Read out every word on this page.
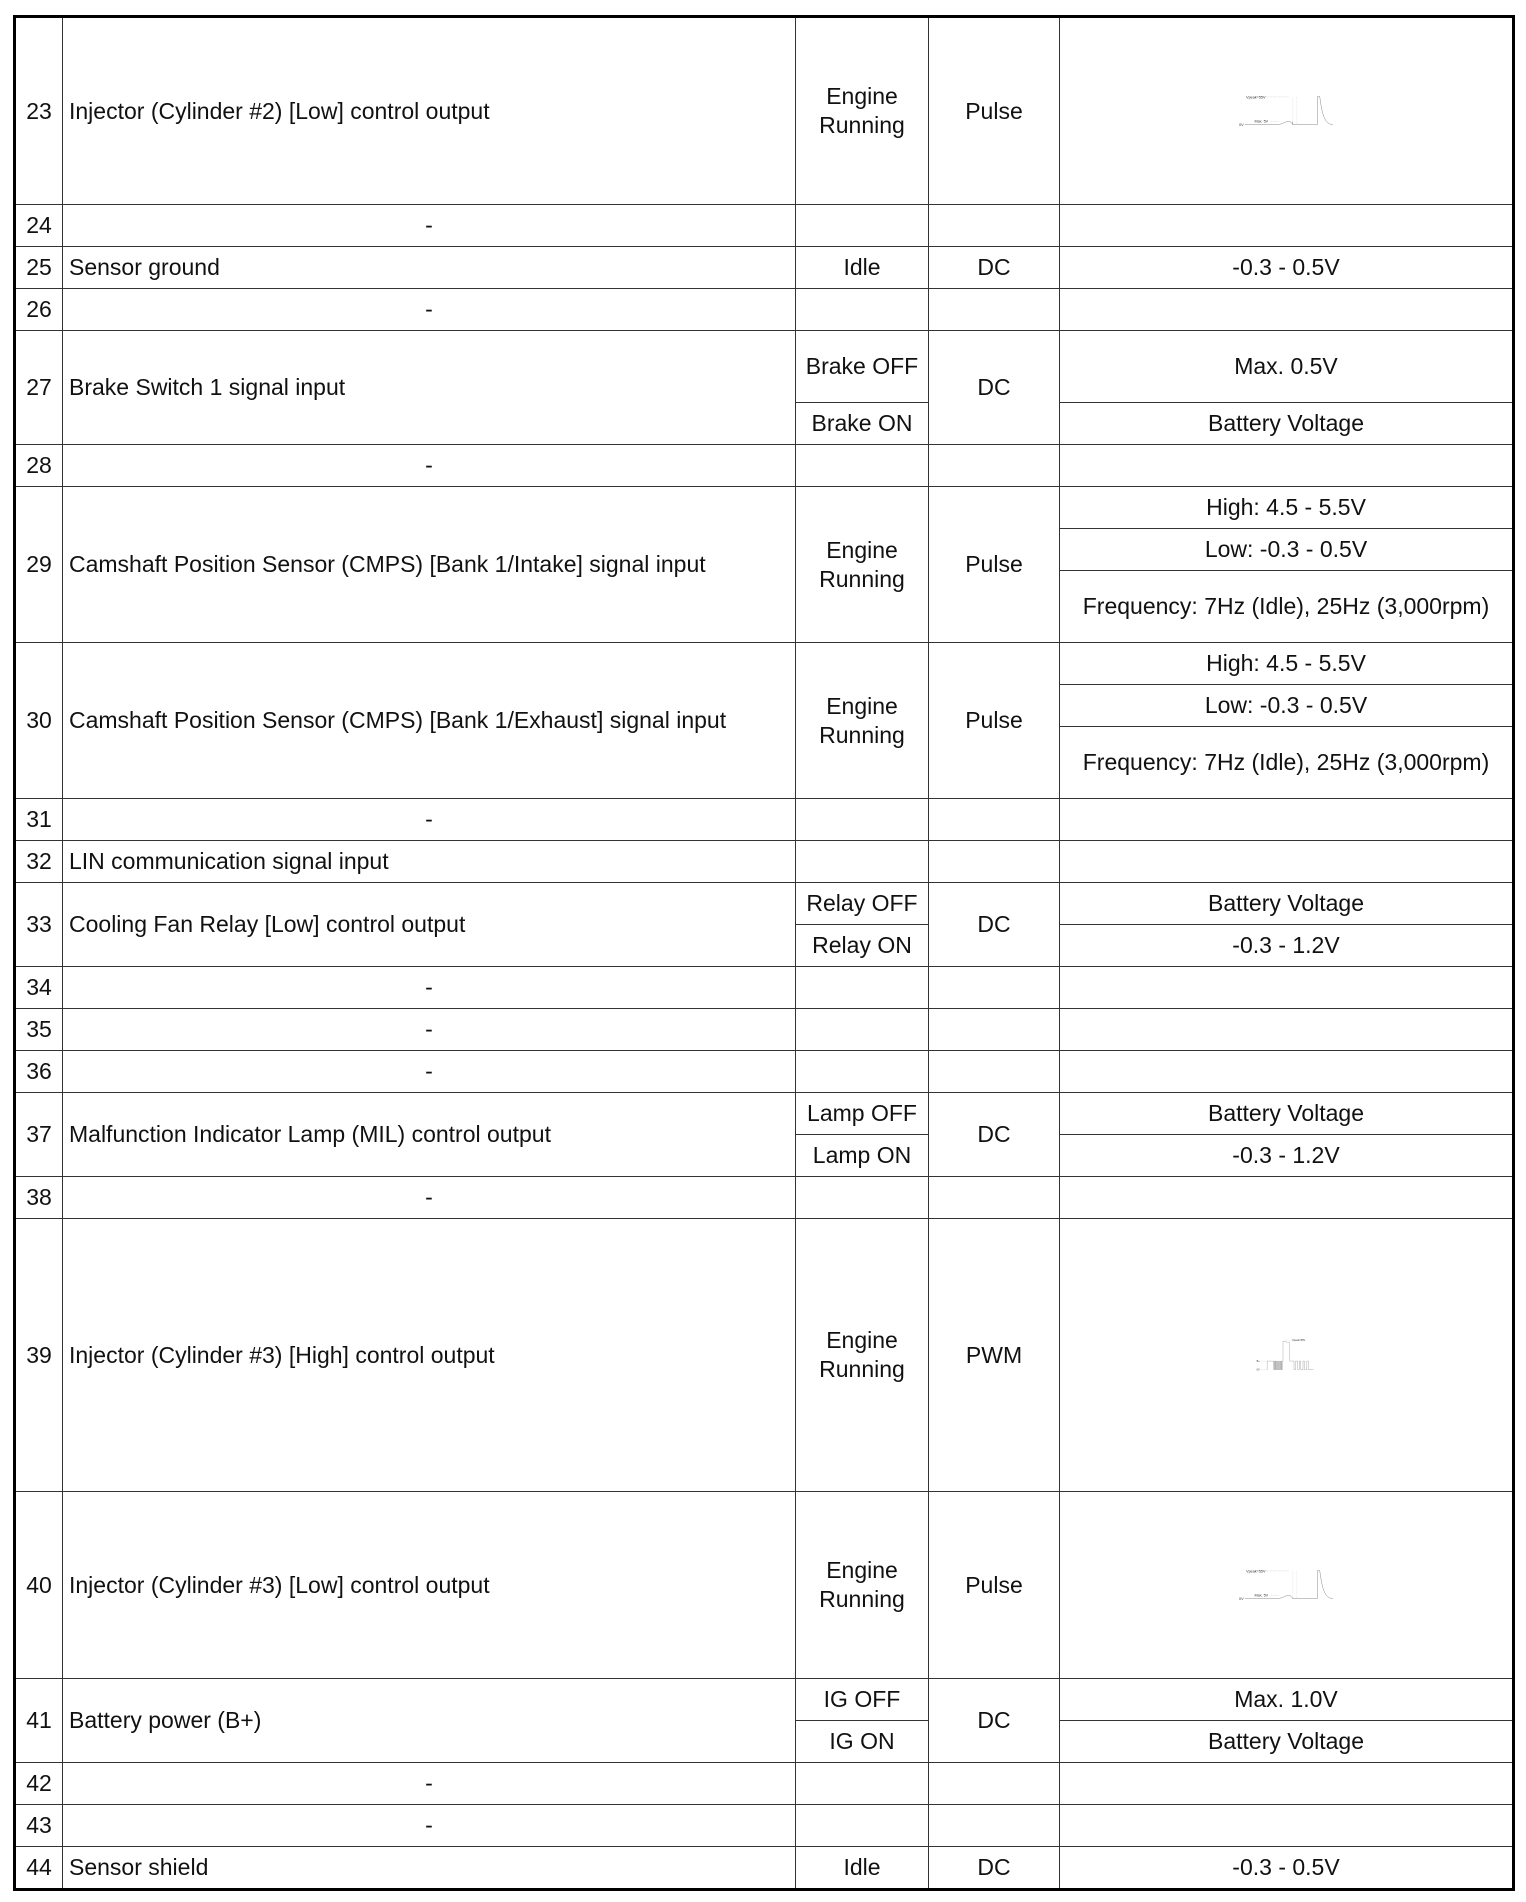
23	Injector (Cylinder #2) [Low] control output	Engine Running	Pulse	Vpeak=55V
Max. 5V
0V

24	-			
25	Sensor ground	Idle	DC	-0.3 - 0.5V
26	-			
27	Brake Switch 1 signal input	Brake OFF	DC	Max. 0.5V
		Brake ON		Battery Voltage
28	-			
29	Camshaft Position Sensor (CMPS) [Bank 1/Intake] signal input	Engine Running	Pulse	High: 4.5 - 5.5V
				Low: -0.3 - 0.5V
				Frequency: 7Hz (Idle), 25Hz (3,000rpm)
30	Camshaft Position Sensor (CMPS) [Bank 1/Exhaust] signal input	Engine Running	Pulse	High: 4.5 - 5.5V
				Low: -0.3 - 0.5V
				Frequency: 7Hz (Idle), 25Hz (3,000rpm)
31	-			
32	LIN communication signal input			
33	Cooling Fan Relay [Low] control output	Relay OFF	DC	Battery Voltage
		Relay ON		-0.3 - 1.2V
34	-			
35	-			
36	-			
37	Malfunction Indicator Lamp (MIL) control output	Lamp OFF	DC	Battery Voltage
		Lamp ON		-0.3 - 1.2V
38	-			
39	Injector (Cylinder #3) [High] control output	Engine Running	PWM	Vpeak=55V
B+
0V

40	Injector (Cylinder #3) [Low] control output	Engine Running	Pulse	Vpeak=55V
Max. 5V
0V

41	Battery power (B+)	IG OFF	DC	Max. 1.0V
		IG ON		Battery Voltage
42	-			
43	-			
44	Sensor shield	Idle	DC	-0.3 - 0.5V
